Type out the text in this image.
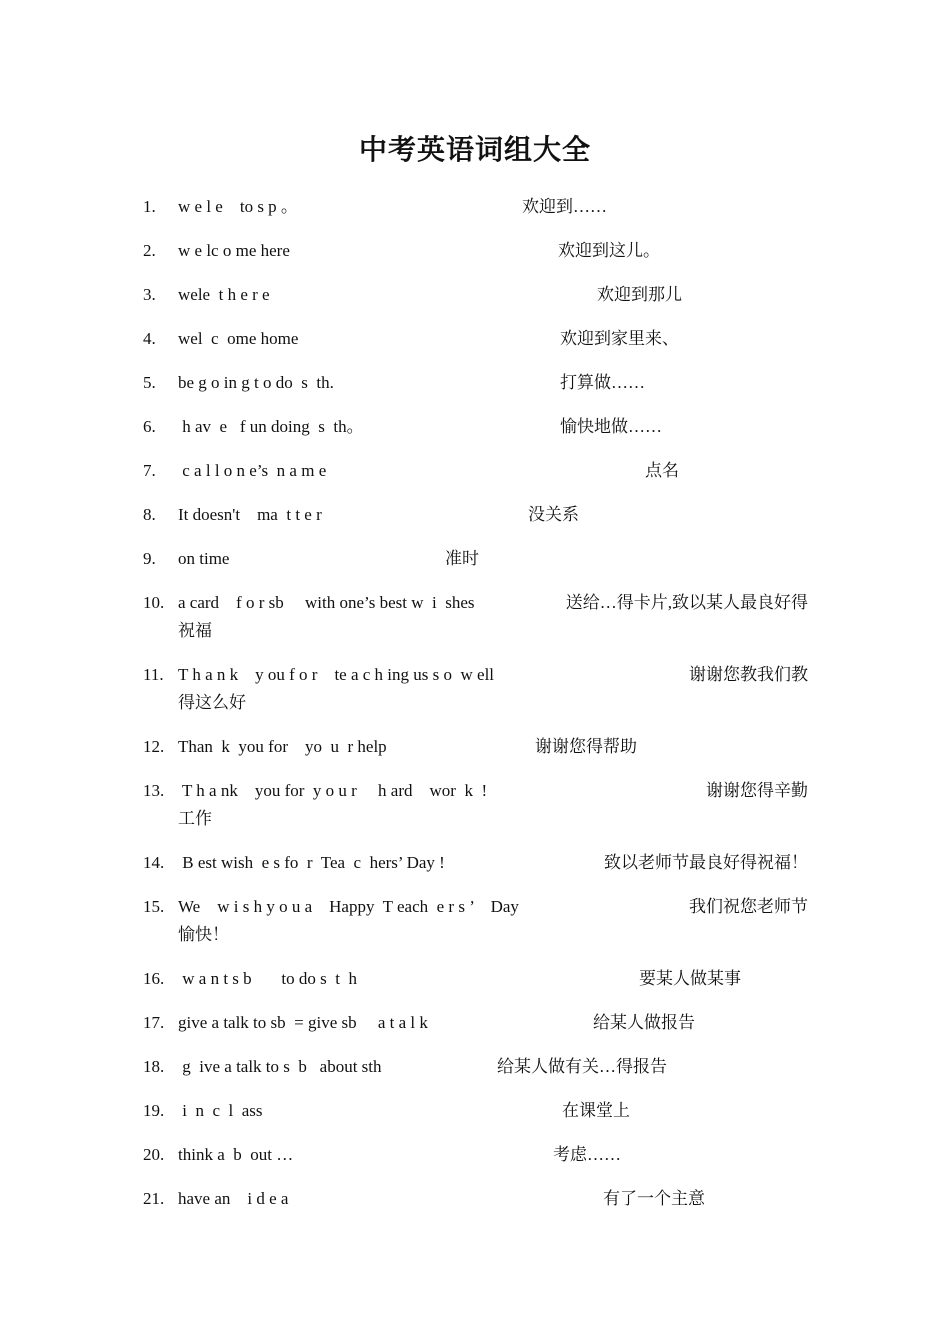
中考英语词组大全
1.	w e l e    to s p 。	欢迎到……
2.	w e lc o me here	欢迎到这儿。
3.	wele  t h e r e	欢迎到那儿
4.	wel  c  ome home	欢迎到家里来、
5.	be g o in g t o do  s  th.	打算做……
6.	h av  e   f un doing  s  th。	愉快地做……
7.	c a l l o n e’s  n a m e	点名
8.	It doesn't    ma  t t e r	没关系
9.	on time	准时
10. a card    f o r sb     with one’s best w  i  shes	送给…得卡片,致以某人最良好得
祝福
11. T h a n k    y ou f o r    te a c h ing us s o  w ell	谢谢您教我们教
得这么好
12. Than  k  you for    yo  u  r help	谢谢您得帮助
13. T h a nk    you for  y o u r     h ard    wor  k  !	谢谢您得辛勤
工作
14. B est wish  e s fo  r  Tea  c  hers’ Day !	致以老师节最良好得祝福！
15. We    w i s h y o u a    Happy  T each  e r s ’    Day	我们祝您老师节
愉快！
16. w a n t s b       to do s  t  h	要某人做某事
17. give a talk to sb  = give sb     a t a l k	给某人做报告
18. g  ive a talk to s  b   about sth	给某人做有关…得报告
19. i  n  c  l  ass	在课堂上
20. think a  b  out …	考虑……
21. have an    i d e a	有了一个主意
